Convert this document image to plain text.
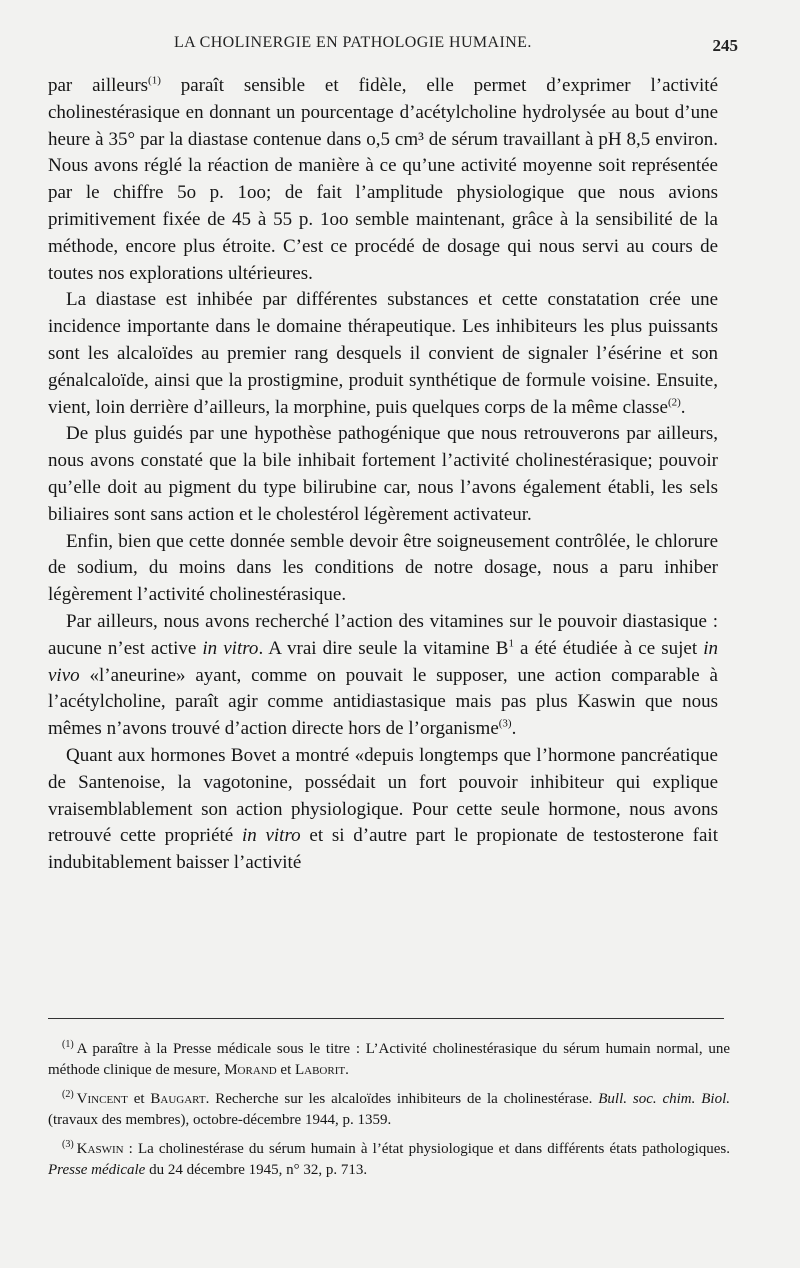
LA CHOLINERGIE EN PATHOLOGIE HUMAINE.	245

par ailleurs$^{(1)}$ paraît sensible et fidèle, elle permet d’exprimer l’activité cholinestérasique en donnant un pourcentage d’acétylcholine hydrolysée au bout d’une heure à 35° par la diastase contenue dans o,5 cm³ de sérum travaillant à pH 8,5 environ. Nous avons réglé la réaction de manière à ce qu’une activité moyenne soit représentée par le chiffre 5o p. 1oo; de fait l’amplitude physiologique que nous avions primitivement fixée de 45 à 55 p. 1oo semble maintenant, grâce à la sensibilité de la méthode, encore plus étroite. C’est ce procédé de dosage qui nous servi au cours de toutes nos explorations ultérieures.

La diastase est inhibée par différentes substances et cette constatation crée une incidence importante dans le domaine thérapeutique. Les inhibiteurs les plus puissants sont les alcaloïdes au premier rang desquels il convient de signaler l’ésérine et son génalcaloïde, ainsi que la prostigmine, produit synthétique de formule voisine. Ensuite, vient, loin derrière d’ailleurs, la morphine, puis quelques corps de la même classe$^{(2)}$.

De plus guidés par une hypothèse pathogénique que nous retrouverons par ailleurs, nous avons constaté que la bile inhibait fortement l’activité cholinestérasique; pouvoir qu’elle doit au pigment du type bilirubine car, nous l’avons également établi, les sels biliaires sont sans action et le cholestérol légèrement activateur.

Enfin, bien que cette donnée semble devoir être soigneusement contrôlée, le chlorure de sodium, du moins dans les conditions de notre dosage, nous a paru inhiber légèrement l’activité cholinestérasique.

Par ailleurs, nous avons recherché l’action des vitamines sur le pouvoir diastasique : aucune n’est active in vitro. A vrai dire seule la vitamine $B^1$ a été étudiée à ce sujet in vivo «l’aneurine» ayant, comme on pouvait le supposer, une action comparable à l’acétylcholine, paraît agir comme antidiastasique mais pas plus Kaswin que nous mêmes n’avons trouvé d’action directe hors de l’organisme$^{(3)}$.

Quant aux hormones Bovet a montré «depuis longtemps que l’hormone pancréatique de Santenoise, la vagotonine, possédait un fort pouvoir inhibiteur qui explique vraisemblablement son action physiologique. Pour cette seule hormone, nous avons retrouvé cette propriété in vitro et si d’autre part le propionate de testosterone fait indubitablement baisser l’activité

$^{(1)}$ A paraître à la Presse médicale sous le titre : L’Activité cholinestérasique du sérum humain normal, une méthode clinique de mesure, Morand et Laborit.

$^{(2)}$ Vincent et Baugart. Recherche sur les alcaloïdes inhibiteurs de la cholinestérase. Bull. soc. chim. Biol. (travaux des membres), octobre-décembre 1944, p. 1359.

$^{(3)}$ Kaswin : La cholinestérase du sérum humain à l’état physiologique et dans différents états pathologiques. Presse médicale du 24 décembre 1945, n° 32, p. 713.
